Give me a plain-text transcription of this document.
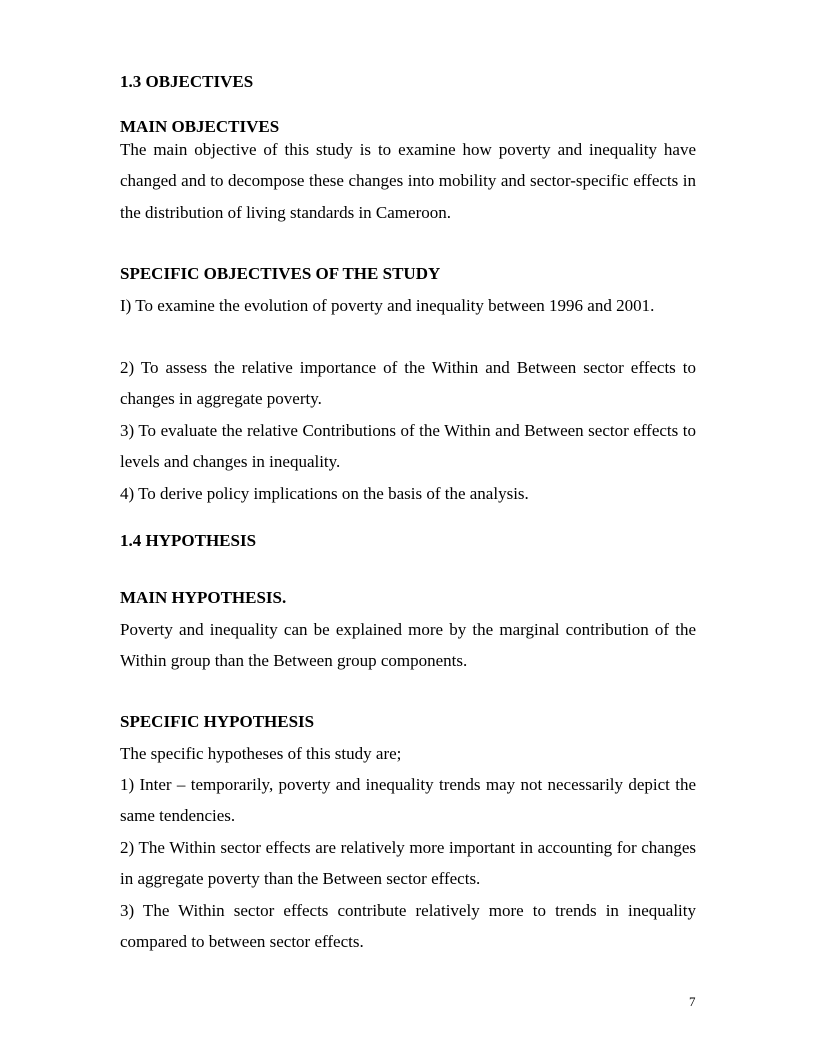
1.3 OBJECTIVES
MAIN OBJECTIVES

The main objective of this study is to examine how poverty and inequality have changed and to decompose these changes into mobility and sector-specific effects in the distribution of living standards in Cameroon.

SPECIFIC OBJECTIVES OF THE STUDY

I) To examine the evolution of poverty and inequality between 1996 and 2001.

2) To assess the relative importance of the Within and Between sector effects to changes in aggregate poverty.

3) To evaluate the relative Contributions of the Within and Between sector effects to levels and changes in inequality.

4) To derive policy implications on the basis of the analysis.

1.4 HYPOTHESIS
MAIN HYPOTHESIS.

Poverty and inequality can be explained more by the marginal contribution of the Within group than the Between group components.

SPECIFIC HYPOTHESIS

The specific hypotheses of this study are;

1) Inter – temporarily, poverty and inequality trends may not necessarily depict the same tendencies.

2) The Within sector effects are relatively more important in accounting for changes in aggregate poverty than the Between sector effects.

3) The Within sector effects contribute relatively more to trends in inequality compared to between sector effects.

7
